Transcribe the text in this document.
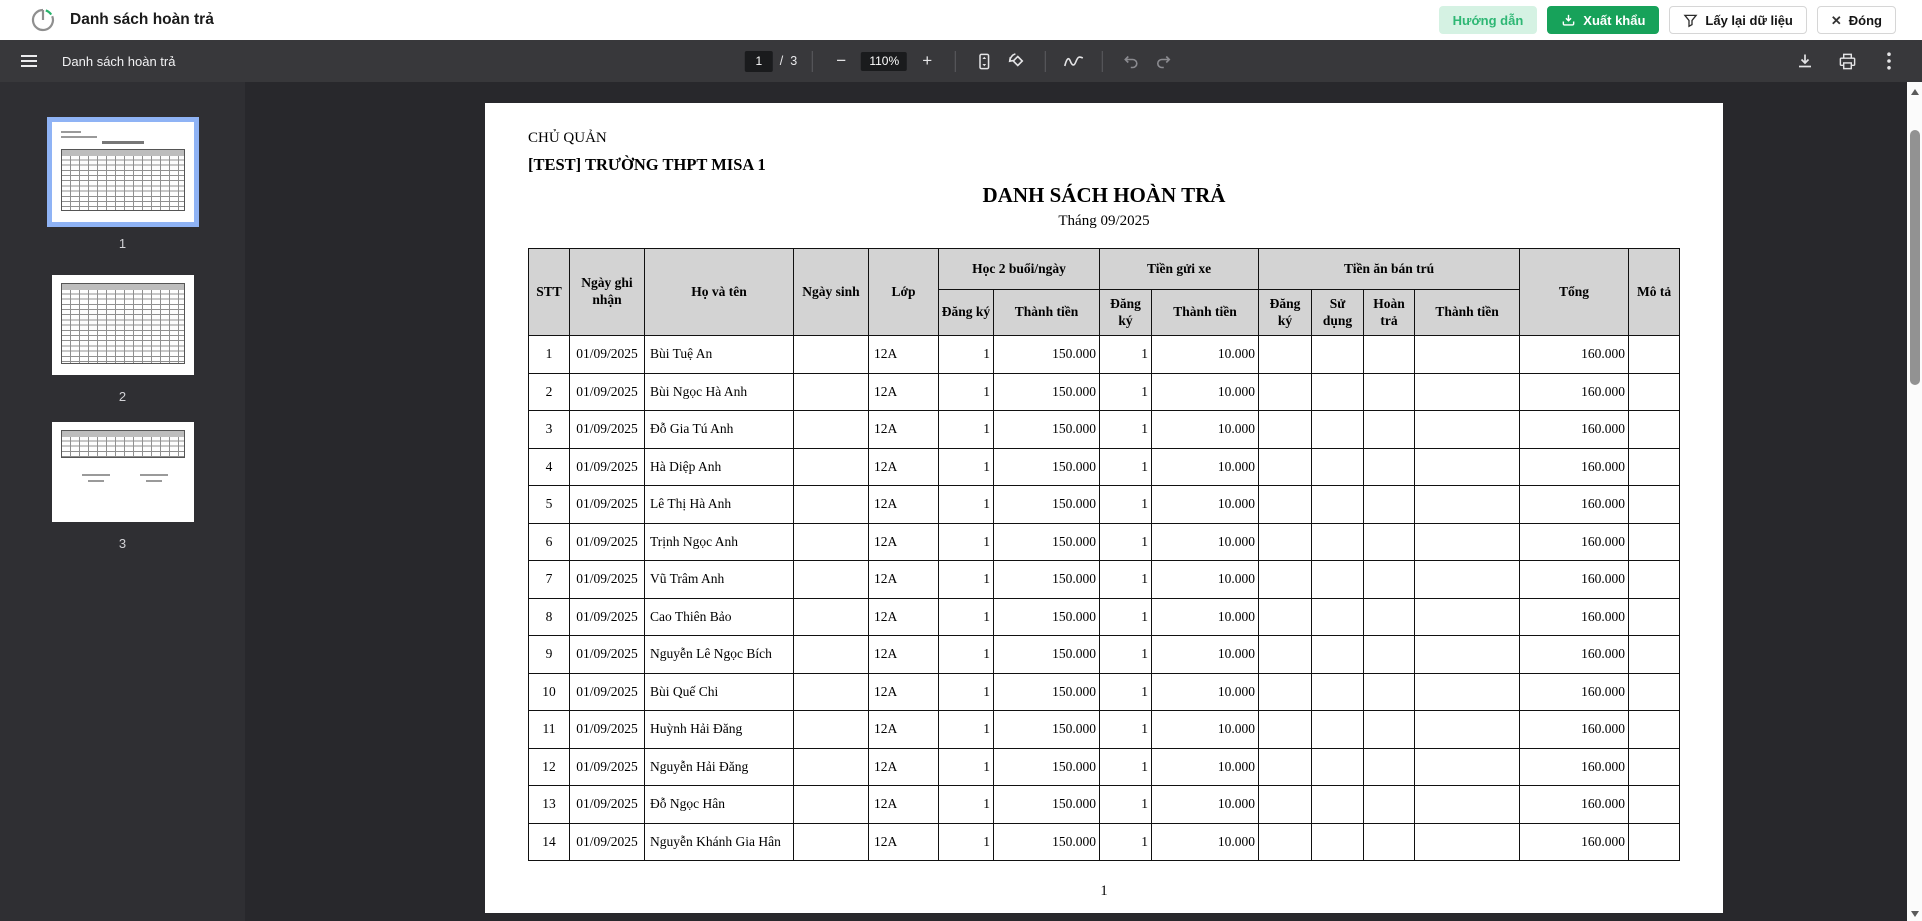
Danh sách hoàn trả	Hướng dẫn	Xuất khẩu	Lấy lại dữ liệu	✕ Đóng
Danh sách hoàn trả
1	/ 3	−	110%	+
1
2
3
CHỦ QUẢN
[TEST] TRƯỜNG THPT MISA 1
DANH SÁCH HOÀN TRẢ
Tháng 09/2025
STT	Ngày ghi nhận	Họ và tên	Ngày sinh	Lớp	Học 2 buổi/ngày		Tiền gửi xe		Tiền ăn bán trú				Tổng	Mô tả
					Đăng ký	Thành tiền	Đăng ký	Thành tiền	Đăng ký	Sử dụng	Hoàn trả	Thành tiền		
1	01/09/2025	Bùi Tuệ An		12A	1	150.000	1	10.000					160.000	
2	01/09/2025	Bùi Ngọc Hà Anh		12A	1	150.000	1	10.000					160.000	
3	01/09/2025	Đỗ Gia Tú Anh		12A	1	150.000	1	10.000					160.000	
4	01/09/2025	Hà Diệp Anh		12A	1	150.000	1	10.000					160.000	
5	01/09/2025	Lê Thị Hà Anh		12A	1	150.000	1	10.000					160.000	
6	01/09/2025	Trịnh Ngọc Anh		12A	1	150.000	1	10.000					160.000	
7	01/09/2025	Vũ Trâm Anh		12A	1	150.000	1	10.000					160.000	
8	01/09/2025	Cao Thiên Bảo		12A	1	150.000	1	10.000					160.000	
9	01/09/2025	Nguyễn Lê Ngọc Bích		12A	1	150.000	1	10.000					160.000	
10	01/09/2025	Bùi Quế Chi		12A	1	150.000	1	10.000					160.000	
11	01/09/2025	Huỳnh Hải Đăng		12A	1	150.000	1	10.000					160.000	
12	01/09/2025	Nguyễn Hải Đăng		12A	1	150.000	1	10.000					160.000	
13	01/09/2025	Đỗ Ngọc Hân		12A	1	150.000	1	10.000					160.000	
14	01/09/2025	Nguyễn Khánh Gia Hân		12A	1	150.000	1	10.000					160.000	
1
